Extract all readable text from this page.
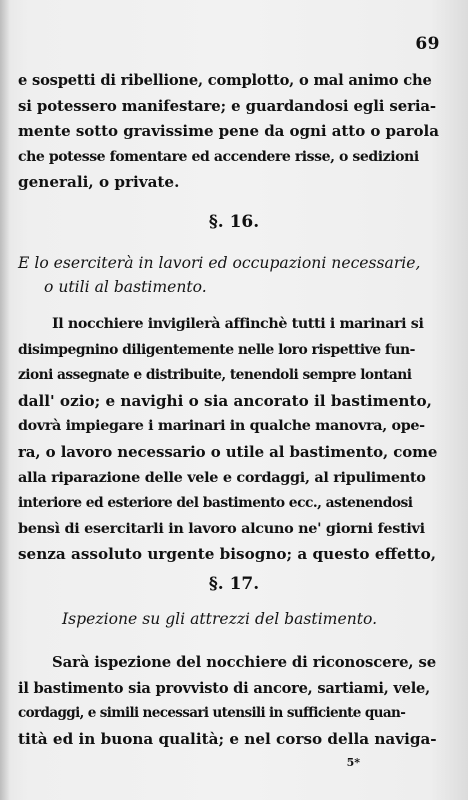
69
e sospetti di ribellione, complotto, o mal animo che
si potessero manifestare; e guardandosi egli seria-
mente sotto gravissime pene da ogni atto o parola
che potesse fomentare ed accendere risse, o sedizioni
generali, o private.
§. 16.
E lo eserciterà in lavori ed occupazioni necessarie,
o utili al bastimento.
Il nocchiere invigilerà affinchè tutti i marinari si
disimpegnino diligentemente nelle loro rispettive fun-
zioni assegnate e distribuite, tenendoli sempre lontani
dall' ozio; e navighi o sia ancorato il bastimento,
dovrà impiegare i marinari in qualche manovra, ope-
ra, o lavoro necessario o utile al bastimento, come
alla riparazione delle vele e cordaggi, al ripulimento
interiore ed esteriore del bastimento ecc., astenendosi
bensì di esercitarli in lavoro alcuno ne' giorni festivi
senza assoluto urgente bisogno; a questo effetto,
§. 17.
Ispezione su gli attrezzi del bastimento.
Sarà ispezione del nocchiere di riconoscere, se
il bastimento sia provvisto di ancore, sartiami, vele,
cordaggi, e simili necessari utensili in sufficiente quan-
tità ed in buona qualità; e nel corso della naviga-
5*
